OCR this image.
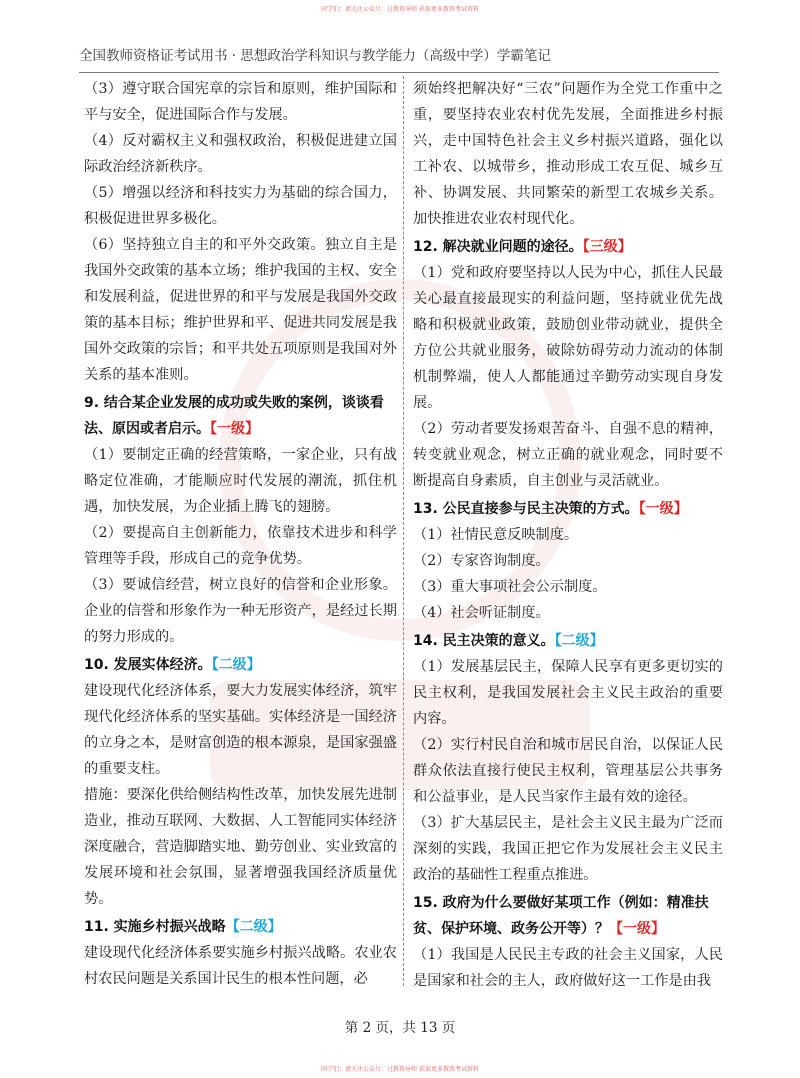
同学们：请关注公众号：过教资导师 获取更多教资考试资料
全国教师资格证考试用书 · 思想政治学科知识与教学能力（高级中学）学霸笔记

（3）遵守联合国宪章的宗旨和原则，维护国际和平与安全，促进国际合作与发展。

（4）反对霸权主义和强权政治，积极促进建立国际政治经济新秩序。

（5）增强以经济和科技实力为基础的综合国力，积极促进世界多极化。

（6）坚持独立自主的和平外交政策。独立自主是我国外交政策的基本立场；维护我国的主权、安全和发展利益，促进世界的和平与发展是我国外交政策的基本目标；维护世界和平、促进共同发展是我国外交政策的宗旨；和平共处五项原则是我国对外关系的基本准则。

9. 结合某企业发展的成功或失败的案例，谈谈看法、原因或者启示。【一级】

（1）要制定正确的经营策略，一家企业，只有战略定位准确，才能顺应时代发展的潮流，抓住机遇，加快发展，为企业插上腾飞的翅膀。

（2）要提高自主创新能力，依靠技术进步和科学管理等手段，形成自己的竞争优势。

（3）要诚信经营，树立良好的信誉和企业形象。企业的信誉和形象作为一种无形资产，是经过长期的努力形成的。

10. 发展实体经济。【二级】

建设现代化经济体系，要大力发展实体经济，筑牢现代化经济体系的坚实基础。实体经济是一国经济的立身之本，是财富创造的根本源泉，是国家强盛的重要支柱。

措施：要深化供给侧结构性改革，加快发展先进制造业，推动互联网、大数据、人工智能同实体经济深度融合，营造脚踏实地、勤劳创业、实业致富的发展环境和社会氛围，显著增强我国经济质量优势。

11. 实施乡村振兴战略【二级】

建设现代化经济体系要实施乡村振兴战略。农业农村农民问题是关系国计民生的根本性问题，必

须始终把解决好“三农”问题作为全党工作重中之重，要坚持农业农村优先发展，全面推进乡村振兴，走中国特色社会主义乡村振兴道路，强化以工补农、以城带乡，推动形成工农互促、城乡互补、协调发展、共同繁荣的新型工农城乡关系。加快推进农业农村现代化。

12. 解决就业问题的途径。【三级】

（1）党和政府要坚持以人民为中心，抓住人民最关心最直接最现实的利益问题，坚持就业优先战略和积极就业政策，鼓励创业带动就业，提供全方位公共就业服务，破除妨碍劳动力流动的体制机制弊端，使人人都能通过辛勤劳动实现自身发展。

（2）劳动者要发扬艰苦奋斗、自强不息的精神，转变就业观念，树立正确的就业观念，同时要不断提高自身素质，自主创业与灵活就业。

13. 公民直接参与民主决策的方式。【一级】

（1）社情民意反映制度。

（2）专家咨询制度。

（3）重大事项社会公示制度。

（4）社会听证制度。

14. 民主决策的意义。【二级】

（1）发展基层民主，保障人民享有更多更切实的民主权利，是我国发展社会主义民主政治的重要内容。

（2）实行村民自治和城市居民自治，以保证人民群众依法直接行使民主权利，管理基层公共事务和公益事业，是人民当家作主最有效的途径。

（3）扩大基层民主，是社会主义民主最为广泛而深刻的实践，我国正把它作为发展社会主义民主政治的基础性工程重点推进。

15. 政府为什么要做好某项工作（例如：精准扶贫、保护环境、政务公开等）？【一级】

（1）我国是人民民主专政的社会主义国家，人民是国家和社会的主人，政府做好这一工作是由我

第 2 页，共 13 页
同学们：请关注公众号：过教资导师 获取更多教资考试资料
